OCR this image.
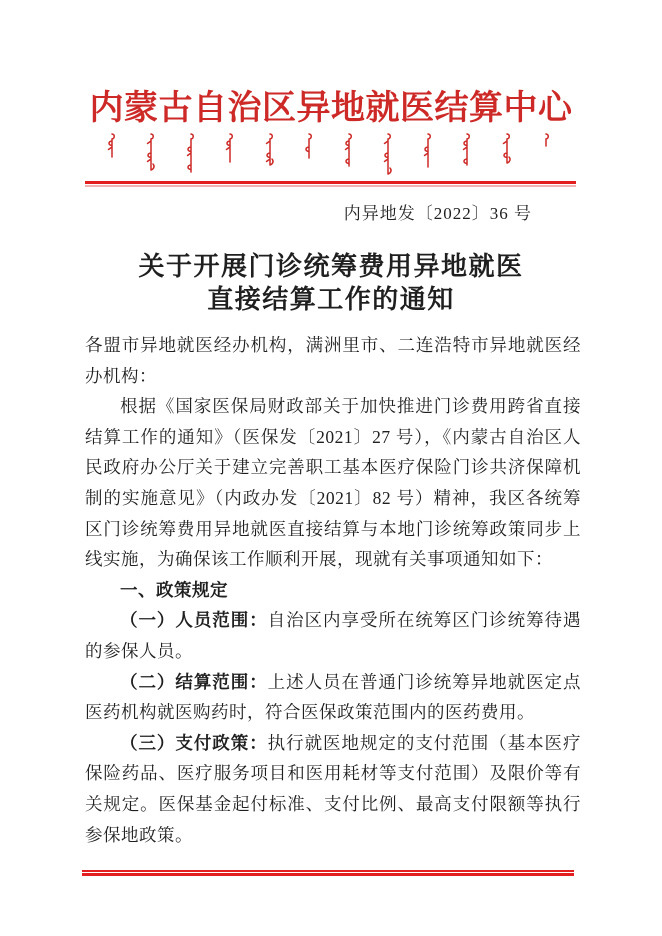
内蒙古自治区异地就医结算中心

内异地发〔2022〕36 号

关于开展门诊统筹费用异地就医
直接结算工作的通知

各盟市异地就医经办机构，满洲里市、二连浩特市异地就医经办机构：

根据《国家医保局财政部关于加快推进门诊费用跨省直接结算工作的通知》（医保发〔2021〕27 号），《内蒙古自治区人民政府办公厅关于建立完善职工基本医疗保险门诊共济保障机制的实施意见》（内政办发〔2021〕82 号）精神，我区各统筹区门诊统筹费用异地就医直接结算与本地门诊统筹政策同步上线实施，为确保该工作顺利开展，现就有关事项通知如下：

一、政策规定

（一）人员范围：自治区内享受所在统筹区门诊统筹待遇的参保人员。

（二）结算范围：上述人员在普通门诊统筹异地就医定点医药机构就医购药时，符合医保政策范围内的医药费用。

（三）支付政策：执行就医地规定的支付范围（基本医疗保险药品、医疗服务项目和医用耗材等支付范围）及限价等有关规定。医保基金起付标准、支付比例、最高支付限额等执行参保地政策。
